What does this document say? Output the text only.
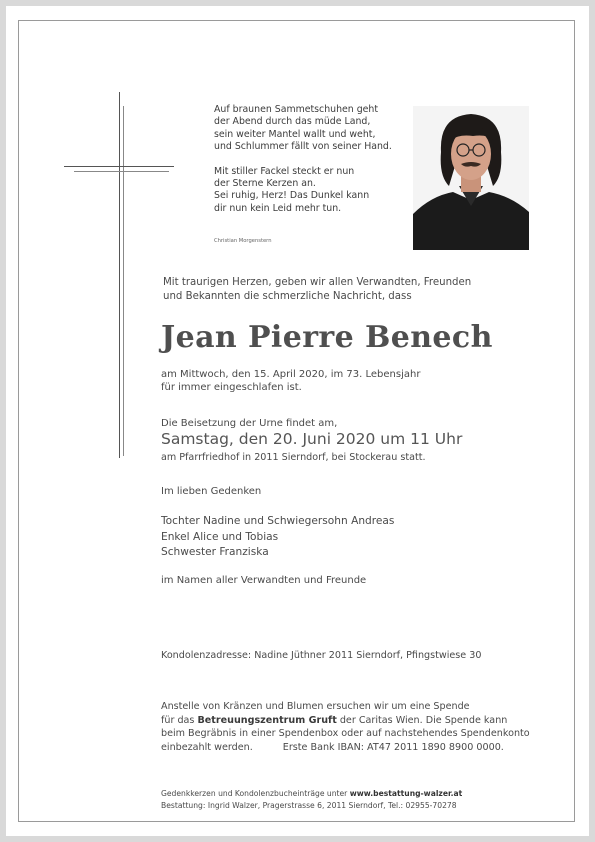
Auf braunen Sammetschuhen geht
der Abend durch das müde Land,
sein weiter Mantel wallt und weht,
und Schlummer fällt von seiner Hand.
Mit stiller Fackel steckt er nun
der Sterne Kerzen an.
Sei ruhig, Herz! Das Dunkel kann
dir nun kein Leid mehr tun.
Christian Morgenstern
Mit traurigen Herzen, geben wir allen Verwandten, Freunden
und Bekannten die schmerzliche Nachricht, dass
Jean Pierre Benech
am Mittwoch, den 15. April 2020, im 73. Lebensjahr
für immer eingeschlafen ist.
Die Beisetzung der Urne findet am,
Samstag, den 20. Juni 2020 um 11 Uhr
am Pfarrfriedhof in 2011 Sierndorf, bei Stockerau statt.
Im lieben Gedenken
Tochter Nadine und Schwiegersohn Andreas
Enkel Alice und Tobias
Schwester Franziska
im Namen aller Verwandten und Freunde
Kondolenzadresse: Nadine Jüthner 2011 Sierndorf, Pfingstwiese 30
Anstelle von Kränzen und Blumen ersuchen wir um eine Spende
für das Betreuungszentrum Gruft der Caritas Wien. Die Spende kann
beim Begräbnis in einer Spendenbox oder auf nachstehendes Spendenkonto
einbezahlt werden.	Erste Bank IBAN: AT47 2011 1890 8900 0000.
Gedenkkerzen und Kondolenzbucheinträge unter www.bestattung-walzer.at
Bestattung: Ingrid Walzer, Pragerstrasse 6, 2011 Sierndorf, Tel.: 02955-70278
